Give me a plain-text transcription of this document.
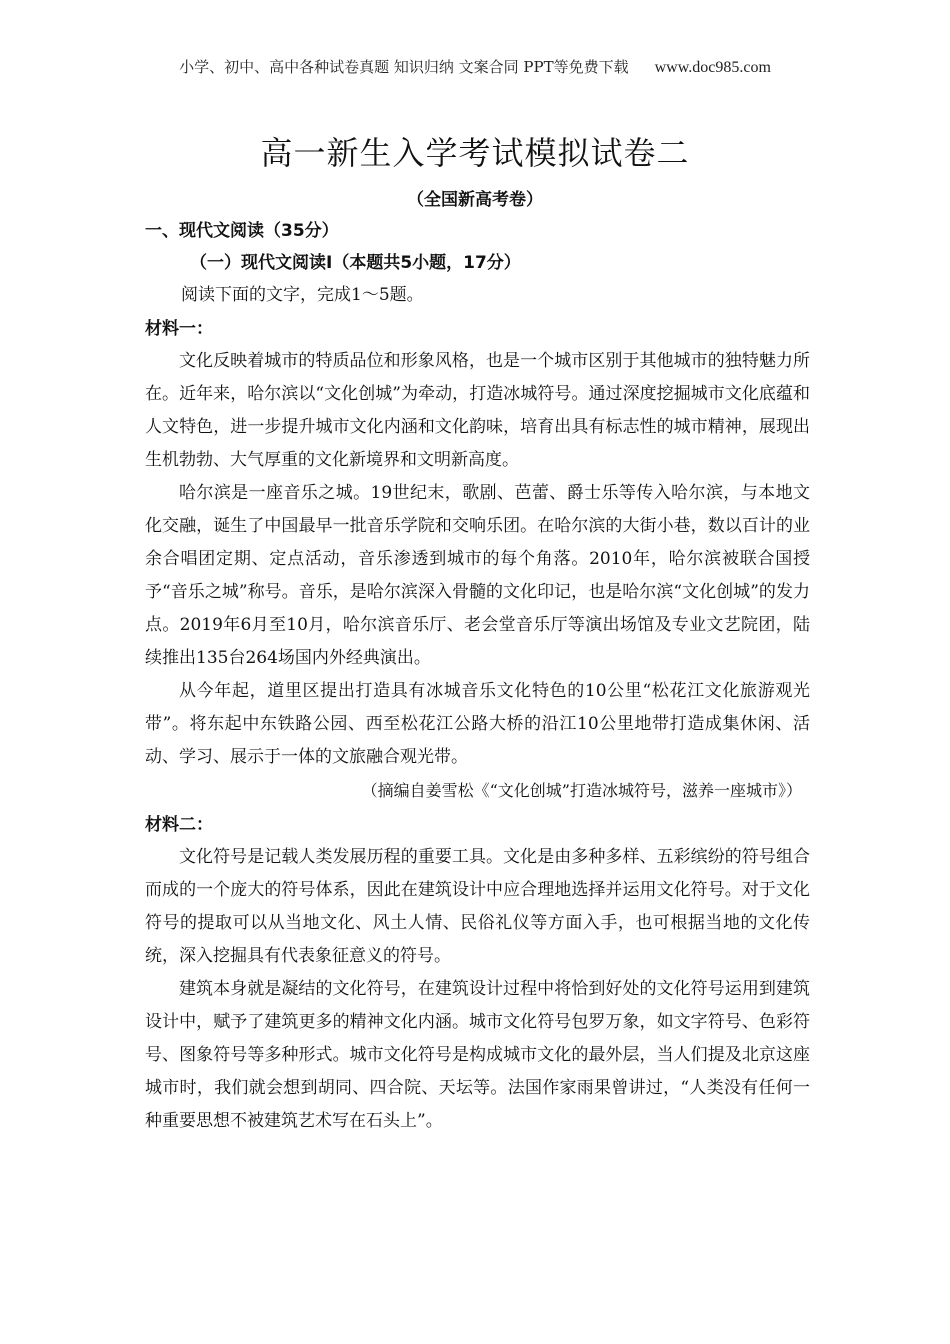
小学、初中、高中各种试卷真题 知识归纳 文案合同 PPT等免费下载 www.doc985.com
高一新生入学考试模拟试卷二
（全国新高考卷）
一、现代文阅读（35分）
（一）现代文阅读Ⅰ（本题共5小题，17分）
阅读下面的文字，完成1～5题。
材料一：

文化反映着城市的特质品位和形象风格，也是一个城市区别于其他城市的独特魅力所在。近年来，哈尔滨以“文化创城”为牵动，打造冰城符号。通过深度挖掘城市文化底蕴和人文特色，进一步提升城市文化内涵和文化韵味，培育出具有标志性的城市精神，展现出生机勃勃、大气厚重的文化新境界和文明新高度。

哈尔滨是一座音乐之城。19世纪末，歌剧、芭蕾、爵士乐等传入哈尔滨，与本地文化交融，诞生了中国最早一批音乐学院和交响乐团。在哈尔滨的大街小巷，数以百计的业余合唱团定期、定点活动，音乐渗透到城市的每个角落。2010年，哈尔滨被联合国授予“音乐之城”称号。音乐，是哈尔滨深入骨髓的文化印记，也是哈尔滨“文化创城”的发力点。2019年6月至10月，哈尔滨音乐厅、老会堂音乐厅等演出场馆及专业文艺院团，陆续推出135台264场国内外经典演出。

从今年起，道里区提出打造具有冰城音乐文化特色的10公里“松花江文化旅游观光带”。将东起中东铁路公园、西至松花江公路大桥的沿江10公里地带打造成集休闲、活动、学习、展示于一体的文旅融合观光带。

（摘编自姜雪松《“文化创城”打造冰城符号，滋养一座城市》）
材料二：

文化符号是记载人类发展历程的重要工具。文化是由多种多样、五彩缤纷的符号组合而成的一个庞大的符号体系，因此在建筑设计中应合理地选择并运用文化符号。对于文化符号的提取可以从当地文化、风土人情、民俗礼仪等方面入手，也可根据当地的文化传统，深入挖掘具有代表象征意义的符号。

建筑本身就是凝结的文化符号，在建筑设计过程中将恰到好处的文化符号运用到建筑设计中，赋予了建筑更多的精神文化内涵。城市文化符号包罗万象，如文字符号、色彩符号、图象符号等多种形式。城市文化符号是构成城市文化的最外层，当人们提及北京这座城市时，我们就会想到胡同、四合院、天坛等。法国作家雨果曾讲过，“人类没有任何一种重要思想不被建筑艺术写在石头上”。
